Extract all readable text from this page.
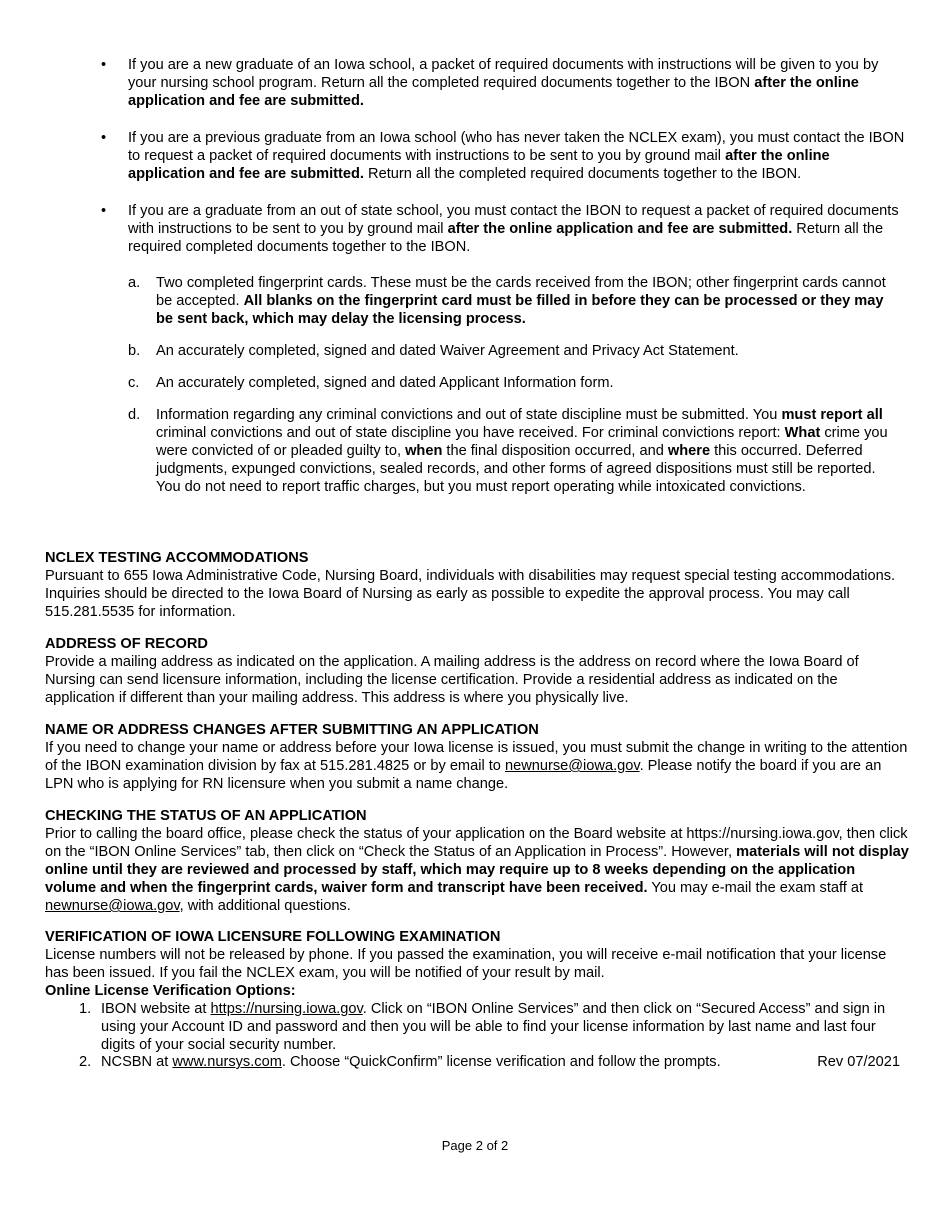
• If you are a new graduate of an Iowa school, a packet of required documents with instructions will be given to you by your nursing school program. Return all the completed required documents together to the IBON after the online application and fee are submitted.
• If you are a previous graduate from an Iowa school (who has never taken the NCLEX exam), you must contact the IBON to request a packet of required documents with instructions to be sent to you by ground mail after the online application and fee are submitted. Return all the completed required documents together to the IBON.
• If you are a graduate from an out of state school, you must contact the IBON to request a packet of required documents with instructions to be sent to you by ground mail after the online application and fee are submitted. Return all the required completed documents together to the IBON.
a. Two completed fingerprint cards. These must be the cards received from the IBON; other fingerprint cards cannot be accepted. All blanks on the fingerprint card must be filled in before they can be processed or they may be sent back, which may delay the licensing process.
b. An accurately completed, signed and dated Waiver Agreement and Privacy Act Statement.
c. An accurately completed, signed and dated Applicant Information form.
d. Information regarding any criminal convictions and out of state discipline must be submitted. You must report all criminal convictions and out of state discipline you have received. For criminal convictions report: What crime you were convicted of or pleaded guilty to, when the final disposition occurred, and where this occurred. Deferred judgments, expunged convictions, sealed records, and other forms of agreed dispositions must still be reported. You do not need to report traffic charges, but you must report operating while intoxicated convictions.
NCLEX TESTING ACCOMMODATIONS
Pursuant to 655 Iowa Administrative Code, Nursing Board, individuals with disabilities may request special testing accommodations. Inquiries should be directed to the Iowa Board of Nursing as early as possible to expedite the approval process. You may call 515.281.5535 for information.
ADDRESS OF RECORD
Provide a mailing address as indicated on the application. A mailing address is the address on record where the Iowa Board of Nursing can send licensure information, including the license certification. Provide a residential address as indicated on the application if different than your mailing address. This address is where you physically live.
NAME OR ADDRESS CHANGES AFTER SUBMITTING AN APPLICATION
If you need to change your name or address before your Iowa license is issued, you must submit the change in writing to the attention of the IBON examination division by fax at 515.281.4825 or by email to newnurse@iowa.gov. Please notify the board if you are an LPN who is applying for RN licensure when you submit a name change.
CHECKING THE STATUS OF AN APPLICATION
Prior to calling the board office, please check the status of your application on the Board website at https://nursing.iowa.gov, then click on the “IBON Online Services” tab, then click on “Check the Status of an Application in Process”. However, materials will not display online until they are reviewed and processed by staff, which may require up to 8 weeks depending on the application volume and when the fingerprint cards, waiver form and transcript have been received. You may e-mail the exam staff at newnurse@iowa.gov, with additional questions.
VERIFICATION OF IOWA LICENSURE FOLLOWING EXAMINATION
License numbers will not be released by phone. If you passed the examination, you will receive e-mail notification that your license has been issued. If you fail the NCLEX exam, you will be notified of your result by mail.
Online License Verification Options:
1. IBON website at https://nursing.iowa.gov. Click on “IBON Online Services” and then click on “Secured Access” and sign in using your Account ID and password and then you will be able to find your license information by last name and last four digits of your social security number.
2. NCSBN at www.nursys.com. Choose “QuickConfirm” license verification and follow the prompts.	Rev 07/2021
Page 2 of 2
